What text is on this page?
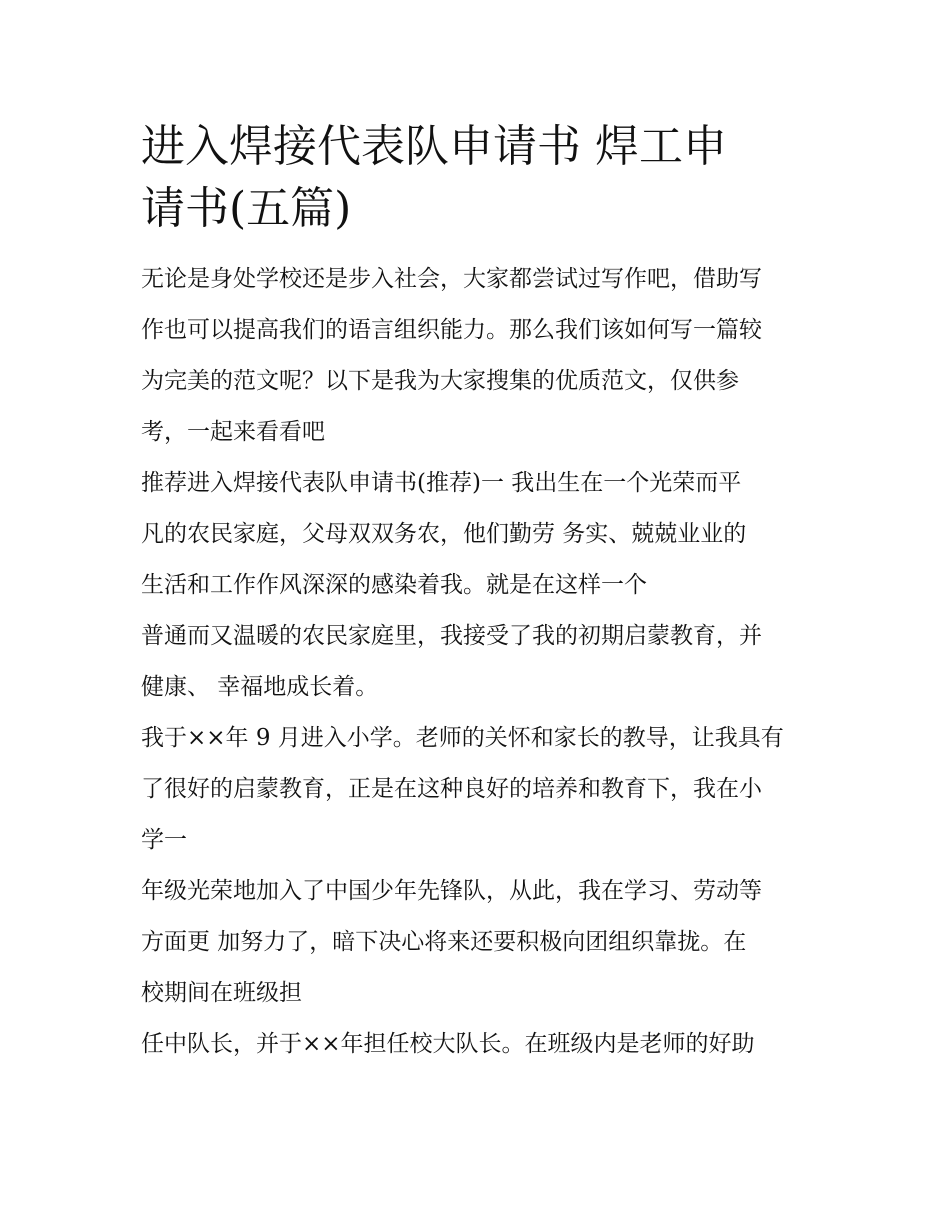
进入焊接代表队申请书 焊工申
请书(五篇)
无论是身处学校还是步入社会，大家都尝试过写作吧，借助写
作也可以提高我们的语言组织能力。那么我们该如何写一篇较
为完美的范文呢？以下是我为大家搜集的优质范文，仅供参
考，一起来看看吧
推荐进入焊接代表队申请书(推荐)一 我出生在一个光荣而平
凡的农民家庭，父母双双务农，他们勤劳 务实、兢兢业业的
生活和工作作风深深的感染着我。就是在这样一个
普通而又温暖的农民家庭里，我接受了我的初期启蒙教育，并
健康、 幸福地成长着。
我于××年 9 月进入小学。老师的关怀和家长的教导，让我具有
了很好的启蒙教育，正是在这种良好的培养和教育下，我在小
学一
年级光荣地加入了中国少年先锋队，从此，我在学习、劳动等
方面更 加努力了，暗下决心将来还要积极向团组织靠拢。在
校期间在班级担
任中队长，并于××年担任校大队长。在班级内是老师的好助
